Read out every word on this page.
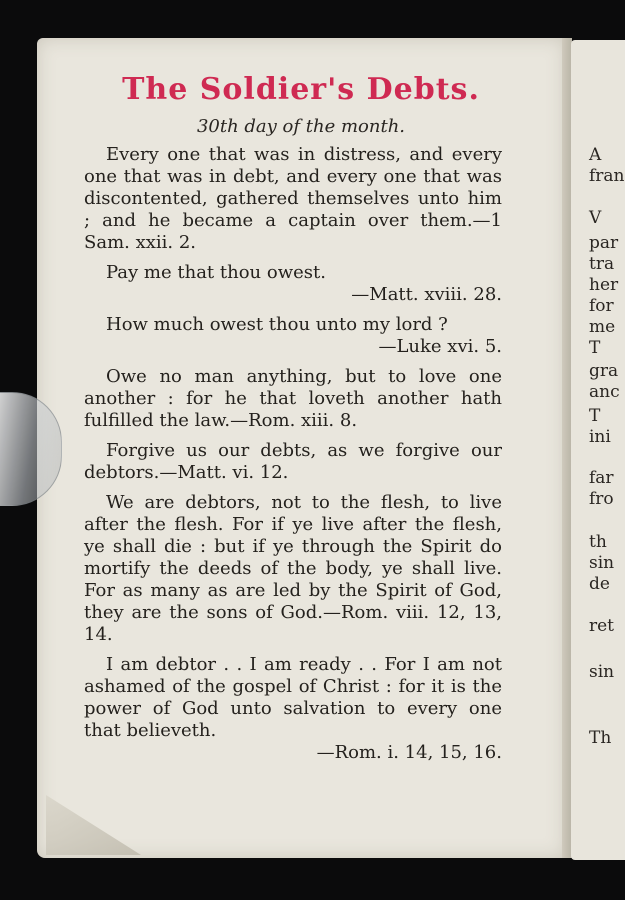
The Soldier's Debts.
30th day of the month.

Every one that was in distress, and every one that was in debt, and every one that was discontented, gathered themselves unto him ; and he became a captain over them.—1 Sam. xxii. 2.

Pay me that thou owest.
—Matt. xviii. 28.

How much owest thou unto my lord ?
—Luke xvi. 5.

Owe no man anything, but to love one another : for he that loveth another hath fulfilled the law.—Rom. xiii. 8.

Forgive us our debts, as we forgive our debtors.—Matt. vi. 12.

We are debtors, not to the flesh, to live after the flesh. For if ye live after the flesh, ye shall die : but if ye through the Spirit do mortify the deeds of the body, ye shall live. For as many as are led by the Spirit of God, they are the sons of God.—Rom. viii. 12, 13, 14.

I am debtor . . I am ready . . For I am not ashamed of the gospel of Christ : for it is the power of God unto salvation to every one that believeth.
—Rom. i. 14, 15, 16.

A
fran
V
par
tra
her
for
me
T
gra
anc
T
ini
far
fro
th
sin
de
ret
sin
Th
